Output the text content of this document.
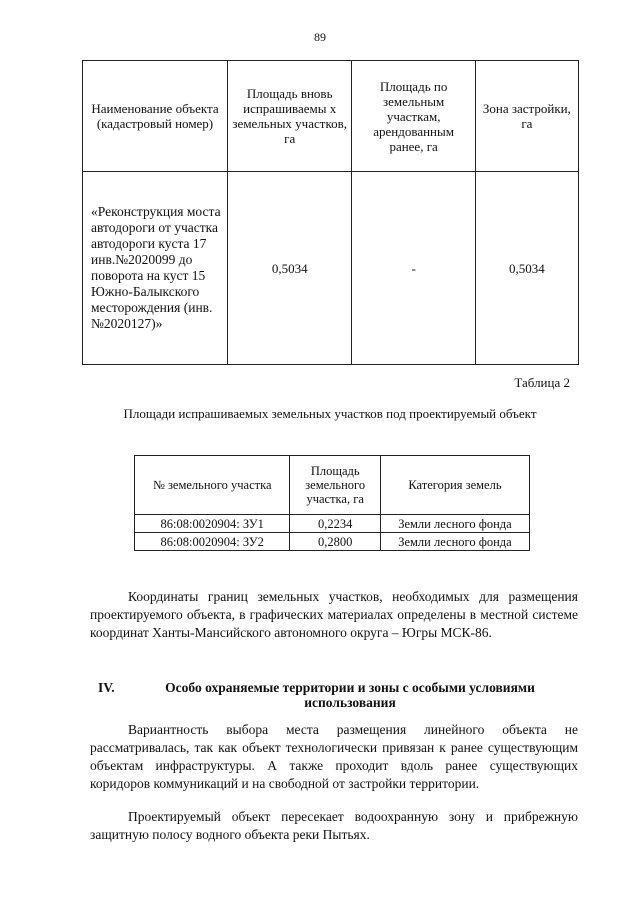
89
Наименование объекта (кадастровый номер)	Площадь вновь испрашиваемы х земельных участков, га	Площадь по земельным участкам, арендованным ранее, га	Зона застройки, га
«Реконструкция моста автодороги от участка автодороги куста 17 инв.№2020099 до поворота на куст 15 Южно-Балыкского месторождения (инв.№2020127)»	0,5034	-	0,5034
Таблица 2
Площади испрашиваемых земельных участков под проектируемый объект
№ земельного участка	Площадь земельного участка, га	Категория земель
86:08:0020904: ЗУ1	0,2234	Земли лесного фонда
86:08:0020904: ЗУ2	0,2800	Земли лесного фонда

Координаты границ земельных участков, необходимых для размещения проектируемого объекта, в графических материалах определены в местной системе координат Ханты-Мансийского автономного округа – Югры МСК-86.

IV.	Особо охраняемые территории и зоны с особыми условиями использования

Вариантность выбора места размещения линейного объекта не рассматривалась, так как объект технологически привязан к ранее существующим объектам инфраструктуры. А также проходит вдоль ранее существующих коридоров коммуникаций и на свободной от застройки территории.

Проектируемый объект пересекает водоохранную зону и прибрежную защитную полосу водного объекта реки Пытьях.
